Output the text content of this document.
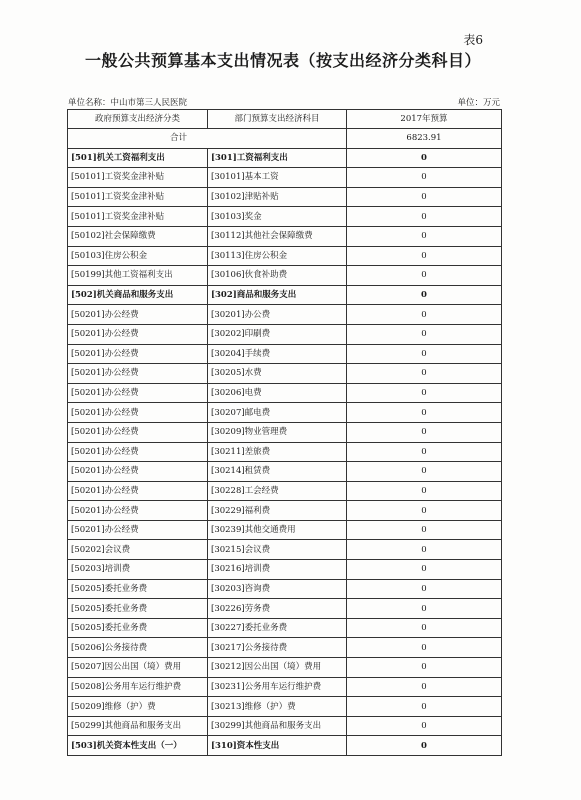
表6
一般公共预算基本支出情况表（按支出经济分类科目）
单位名称：中山市第三人民医院	单位：万元
政府预算支出经济分类	部门预算支出经济科目	2017年预算
合计		6823.91
[501]机关工资福利支出	[301]工资福利支出	0
[50101]工资奖金津补贴	[30101]基本工资	0
[50101]工资奖金津补贴	[30102]津贴补贴	0
[50101]工资奖金津补贴	[30103]奖金	0
[50102]社会保障缴费	[30112]其他社会保障缴费	0
[50103]住房公积金	[30113]住房公积金	0
[50199]其他工资福利支出	[30106]伙食补助费	0
[502]机关商品和服务支出	[302]商品和服务支出	0
[50201]办公经费	[30201]办公费	0
[50201]办公经费	[30202]印刷费	0
[50201]办公经费	[30204]手续费	0
[50201]办公经费	[30205]水费	0
[50201]办公经费	[30206]电费	0
[50201]办公经费	[30207]邮电费	0
[50201]办公经费	[30209]物业管理费	0
[50201]办公经费	[30211]差旅费	0
[50201]办公经费	[30214]租赁费	0
[50201]办公经费	[30228]工会经费	0
[50201]办公经费	[30229]福利费	0
[50201]办公经费	[30239]其他交通费用	0
[50202]会议费	[30215]会议费	0
[50203]培训费	[30216]培训费	0
[50205]委托业务费	[30203]咨询费	0
[50205]委托业务费	[30226]劳务费	0
[50205]委托业务费	[30227]委托业务费	0
[50206]公务接待费	[30217]公务接待费	0
[50207]因公出国（境）费用	[30212]因公出国（境）费用	0
[50208]公务用车运行维护费	[30231]公务用车运行维护费	0
[50209]维修（护）费	[30213]维修（护）费	0
[50299]其他商品和服务支出	[30299]其他商品和服务支出	0
[503]机关资本性支出（一）	[310]资本性支出	0
